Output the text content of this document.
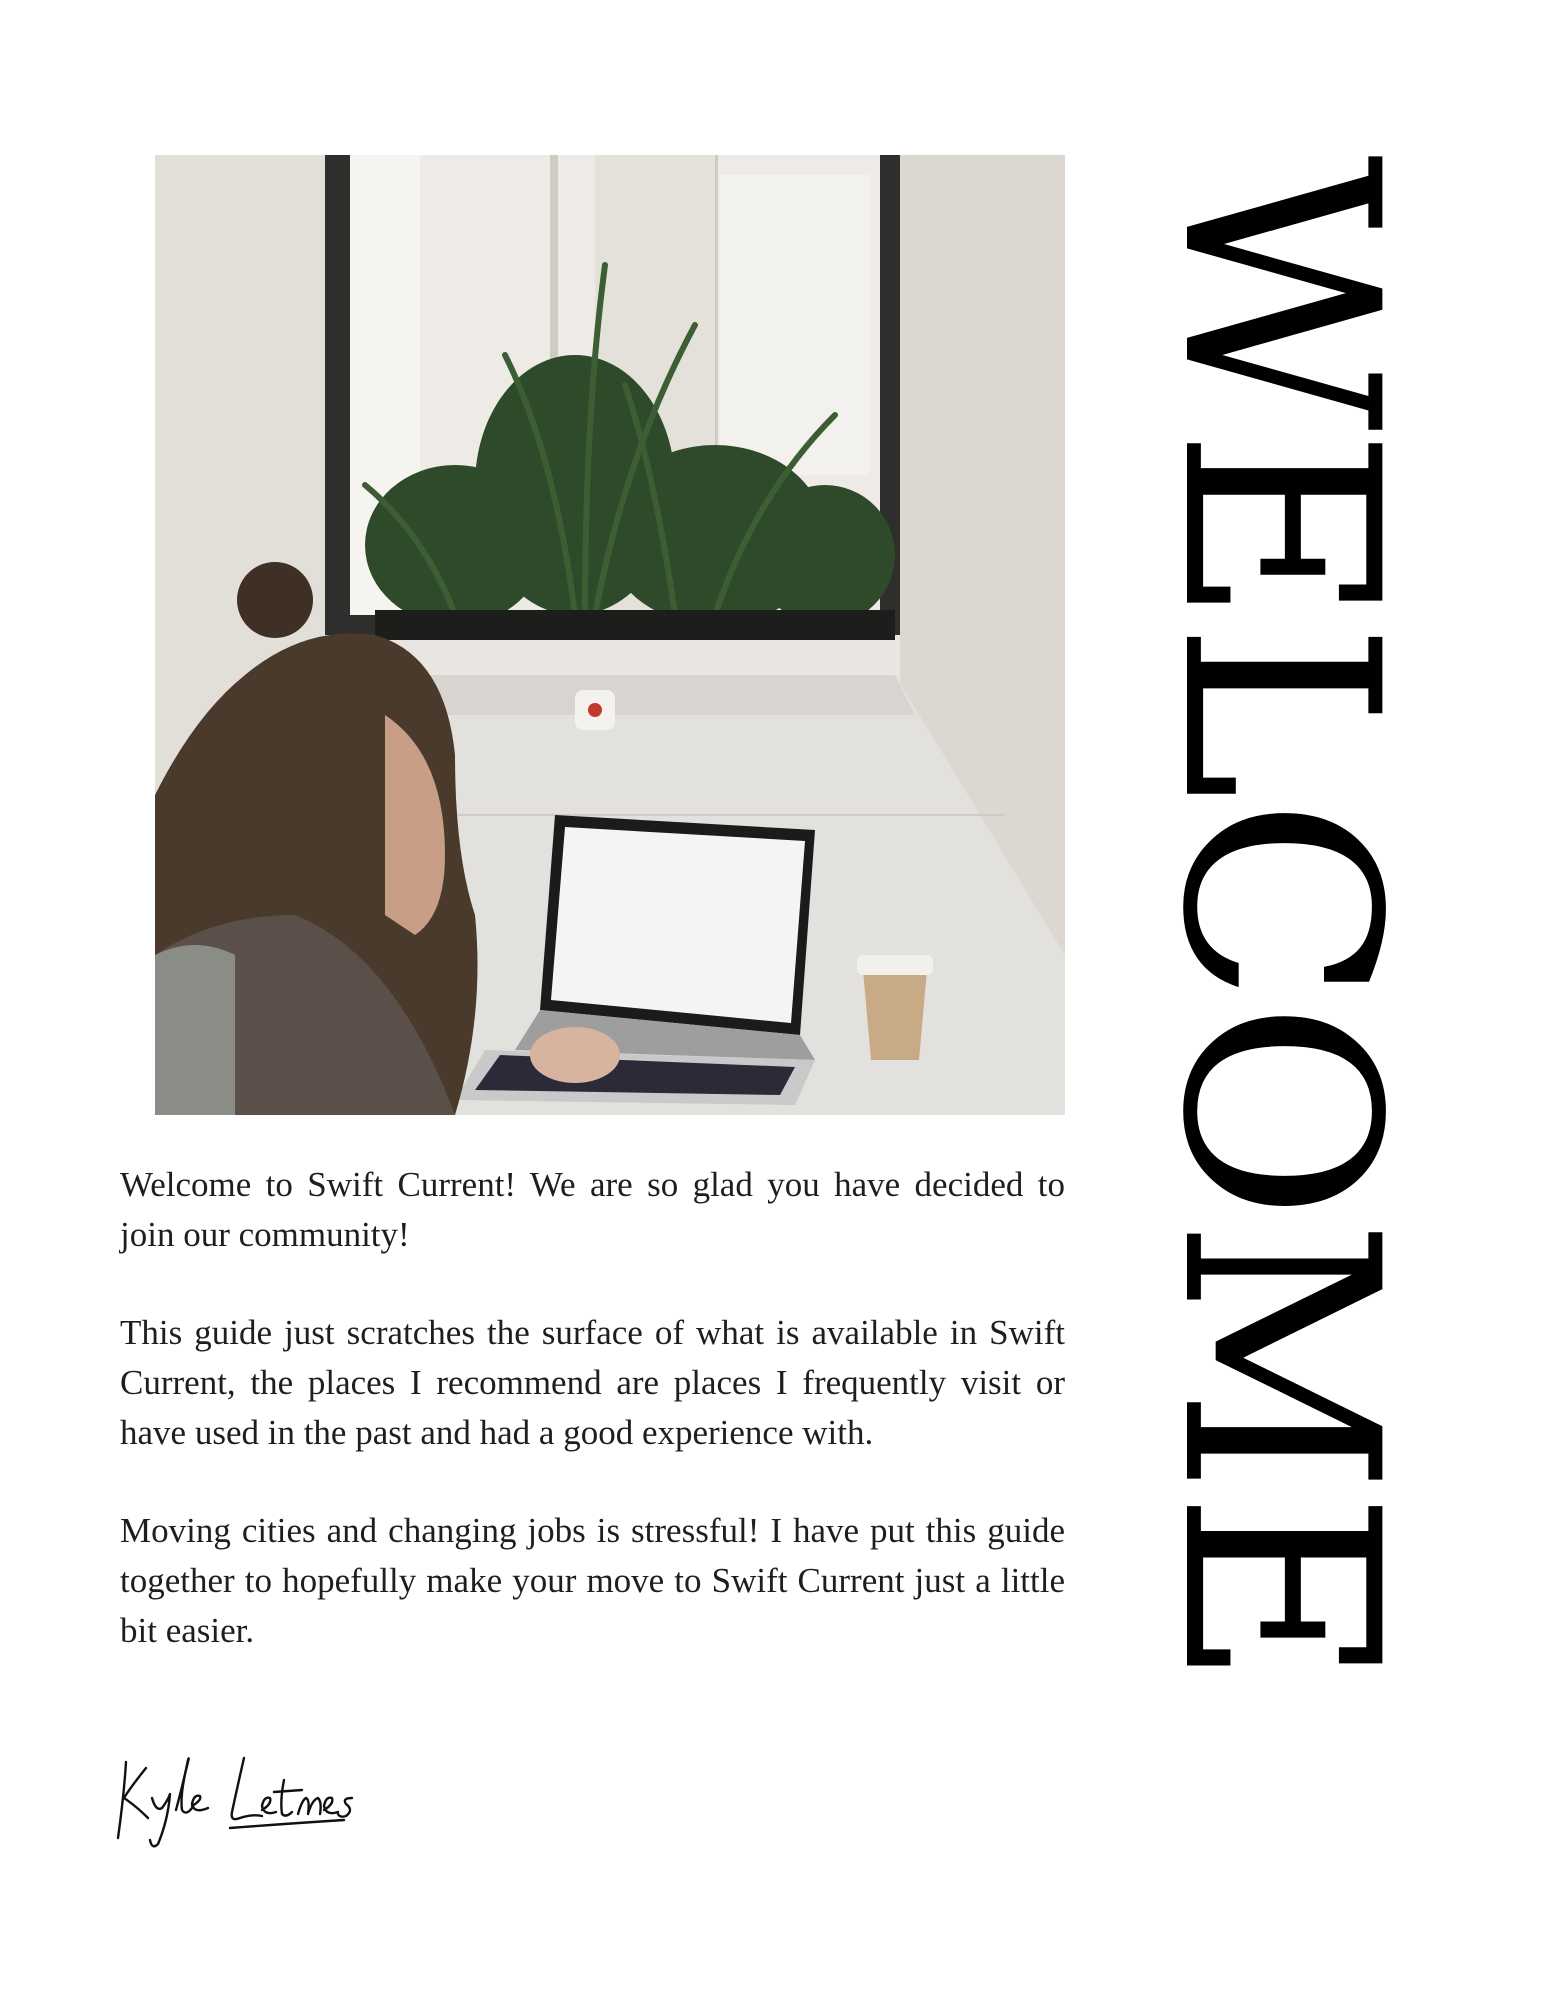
WELCOME

Welcome to Swift Current! We are so glad you have decided to join our community!

This guide just scratches the surface of what is available in Swift Current, the places I recommend are places I frequently visit or have used in the past and had a good experience with.

Moving cities and changing jobs is stressful! I have put this guide together to hopefully make your move to Swift Current just a little bit easier.
